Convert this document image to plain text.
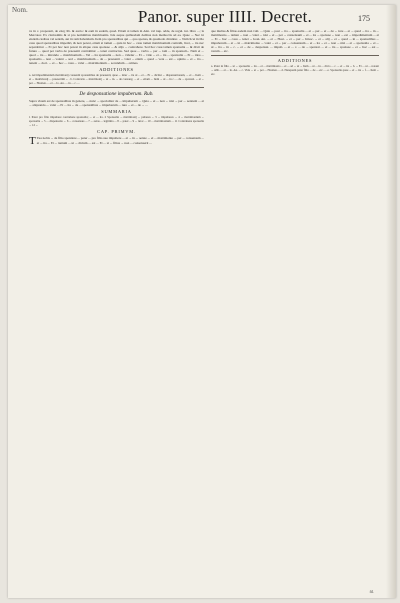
Nom.	Panor. super IIII. Decret.	175

ve in c. proposuit, de eisq; lib. & aucto: & eam in eadem, quod. Etiam si tamen in Ann. vel nup. adde, de regul. iur. libro ...; la Mercator. Ex clarissimis & si pro nominibus matrimoniis. Isle aeque quibusdam deditus non mediocris ad ea. Quae ... Nec in eisdem casibus vel sedem, aut in rem habentiam. Item pro sponsalibus qui ... quo sponsa, & quomodo dicuntur. ... Nam licet in illo casu quod sponsalibus impediri, & non potest, etiam si tamen ... quia in hoc ... casu tamen matrimonium contrahi, licet, ... ita nec separabitur ... Et per hoc non potest in aliquo casu sponsae ... & alijs ... contrahere. Sed hoc casu tamen sponsalia ... & dixit de futuro ... quod per verba de praesenti contrahitur ... tenet contractus. Sed quae ... verba ... per ... iam ... in sponsali... Nam et ... quod ... ita ... intrando ... matrimonium ... Vel ... ita sponsalia ... non ... videtur ... Et ... vide ... et ... ita ... sponsalia ... Et ... ideo ... sponsalia ... non ... valent ... sed ... matrimonium ... de ... praesenti ... valet ... etiam ... quod ... vera ... est ... opinio ... et ... ita ... tenent ... doct. ... et ... hoc ... casu ... valet ... matrimonium ... secundum ... omnes.

ADDITIONES

a. Ad impedimentum matrimonij consentit sponsalibus de praesenti, quae ... inter ... ita ut ... et ... Et ... dicitur ... dispensationem, ... et ... Item ... et ... matrimonij ... praesertim ... . b. Contraria ... matrimonij ... ut ... in. ... de consang. ... et ... etiam ... Item ... ut ... in c. ... de ... sponsal. ... et ... per ... Hostien. ... et ... Io. An. ... in ... c. ...

De desponsatione impuberum. Rub.

Supra visum est de sponsalibus in genere, ... nunc ... specialiter de ... impuberum ... Quia ... et ... non ... nisi ... per ... aetatem ... et ... aliquando ... valet ... Et ... ita ... de ... sponsalibus ... impuberum ... iure ... et ... de ... ...

SUMMARIA

1 Pater pro filio impubere contrahere sponsalia; ... et ... ita. 2 Sponsalia ... matrimonij ... puberes ... 3 ... impuberes ... 4 ... matrimonium ... sponsalia ... 5 ... dispensatio ... 6 ... consensus ... 7 ... aetas ... legitima ... 8 ... pater ... 9 ... tutor ... 10 ... matrimonium ... 11 Contrahens sponsalia ... 12 ...

CAP. PRIMVM.

T Tua nobis ... de filio spondere ... pater ... pro filio suo impubere ... et ... in ... aetate ... et ... matrimonio ... per ... consensum ... et ... ita ... Et ... tantum ... ut ... dictum ... est ... Et ... si ... filius ... non ... consenserit ...

que multas & filias eadem non vult. ... Quia ... post ... ita ... sponsalia ... et ... per ... et ... de ... iure ... et ... quod ... ita ... in ... matrimonio ... tamen ... non ... valet ... nisi ... et ... per ... consensum ... et ... ita ... sponsae ... non ... est ... impedimentum ... et ... Et ... hoc ... casu ... tenet ... Ioan. An. ... et ... Host. ... et ... per ... Innoc. ... et ... alij ... et ... quod ... in ... sponsalibus ... impuberum ... et ... in ... matrimonio ... valet ... et ... per ... consensum ... et ... ita ... et ... non ... nisi ... et ... sponsalia ... et ... ut ... ita ... in ... c. ... et ... de ... desponsat. ... impub. ... et ... c. ... de ... sponsal. ... et ... ita ... sponsae ... et ... hoc ... est ... verum ... etc.

ADDITIONES

a. Pater in filio ... ut ... sponsalia ... ita ... et ... matrimonio ... et ... ad ... ut ... Item ... ut ... in ... dicto ... c. ... et ... ita ... b. ... Et ... ut ... notant ... Abb. ... et ... Io. An. ... c. Vide ... et ... per ... Hostien. ... d. Nunquam pater filio ... de ... etc. ... e. Sponsalia quae ... et ... ita ... f. ... Item ... etc.

fil.
